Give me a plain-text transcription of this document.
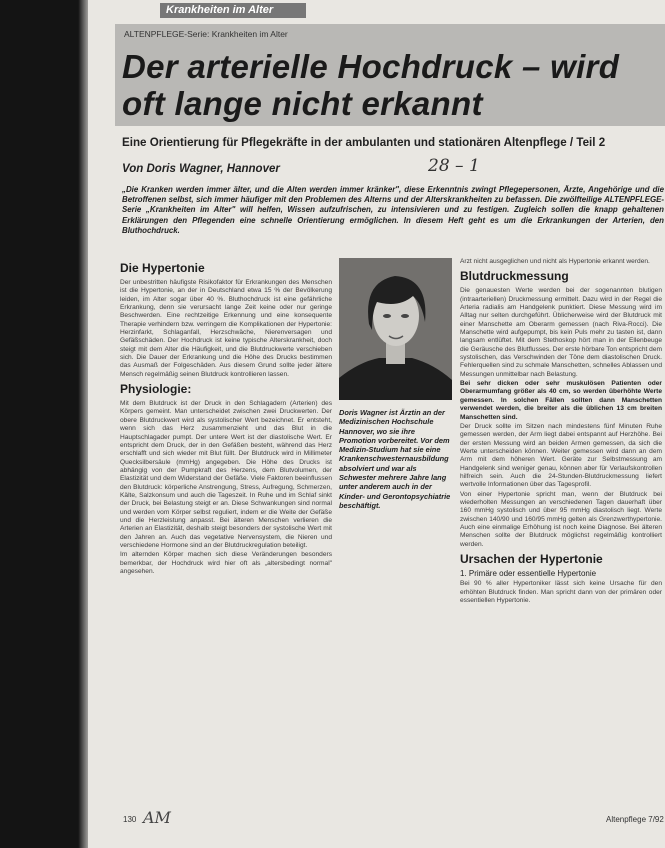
Krankheiten im Alter
ALTENPFLEGE-Serie: Krankheiten im Alter
Der arterielle Hochdruck – wird oft lange nicht erkannt
Eine Orientierung für Pflegekräfte in der ambulanten und stationären Altenpflege / Teil 2
Von Doris Wagner, Hannover	28 – 1

„Die Kranken werden immer älter, und die Alten werden immer kränker", diese Erkenntnis zwingt Pflegepersonen, Ärzte, Angehörige und die Betroffenen selbst, sich immer häufiger mit den Problemen des Alterns und der Alterskrankheiten zu befassen. Die zwölfteilige ALTENPFLEGE-Serie „Krankheiten im Alter" will helfen, Wissen aufzufrischen, zu intensivieren und zu festigen. Zugleich sollen die knapp gehaltenen Erklärungen den Pflegenden eine schnelle Orientierung ermöglichen. In diesem Heft geht es um die Erkrankungen der Arterien, den Bluthochdruck.

Die Hypertonie

Der unbestritten häufigste Risikofaktor für Erkrankungen des Menschen ist die Hypertonie, an der in Deutschland etwa 15 % der Bevölkerung leiden, im Alter sogar über 40 %. Bluthochdruck ist eine gefährliche Erkrankung, denn sie verursacht lange Zeit keine oder nur geringe Beschwerden. Eine rechtzeitige Erkennung und eine konsequente Therapie verhindern bzw. verringern die Komplikationen der Hypertonie: Herzinfarkt, Schlaganfall, Herzschwäche, Nierenversagen und Gefäßschäden. Der Hochdruck ist keine typische Alterskrankheit, doch steigt mit dem Alter die Häufigkeit, und die Blutdruckwerte verschieben sich. Die Dauer der Erkrankung und die Höhe des Drucks bestimmen das Ausmaß der Folgeschäden. Aus diesem Grund sollte jeder ältere Mensch regelmäßig seinen Blutdruck kontrollieren lassen.

Physiologie:

Mit dem Blutdruck ist der Druck in den Schlagadern (Arterien) des Körpers gemeint. Man unterscheidet zwischen zwei Druckwerten. Der obere Blutdruckwert wird als systolischer Wert bezeichnet. Er entsteht, wenn sich das Herz zusammenzieht und das Blut in die Hauptschlagader pumpt. Der untere Wert ist der diastolische Wert. Er entspricht dem Druck, der in den Gefäßen besteht, während das Herz erschlafft und sich wieder mit Blut füllt. Der Blutdruck wird in Millimeter Quecksilbersäule (mmHg) angegeben. Die Höhe des Drucks ist abhängig von der Pumpkraft des Herzens, dem Blutvolumen, der Elastizität und dem Widerstand der Gefäße. Viele Faktoren beeinflussen den Blutdruck: körperliche Anstrengung, Stress, Aufregung, Schmerzen, Kälte, Salzkonsum und auch die Tageszeit. In Ruhe und im Schlaf sinkt der Druck, bei Belastung steigt er an. Diese Schwankungen sind normal und werden vom Körper selbst reguliert, indem er die Weite der Gefäße und die Herzleistung anpasst. Bei älteren Menschen verlieren die Arterien an Elastizität, deshalb steigt besonders der systolische Wert mit den Jahren an. Auch das vegetative Nervensystem, die Nieren und verschiedene Hormone sind an der Blutdruckregulation beteiligt.

Im alternden Körper machen sich diese Veränderungen besonders bemerkbar, der Hochdruck wird hier oft als „altersbedingt normal" angesehen.

Doris Wagner ist Ärztin an der Medizinischen Hochschule Hannover, wo sie ihre Promotion vorbereitet. Vor dem Medizin-Studium hat sie eine Krankenschwesternausbildung absolviert und war als Schwester mehrere Jahre lang unter anderem auch in der Kinder- und Gerontopsychiatrie beschäftigt.

Arzt nicht ausgeglichen und nicht als Hypertonie erkannt werden.

Blutdruckmessung

Die genauesten Werte werden bei der sogenannten blutigen (intraarteriellen) Druckmessung ermittelt. Dazu wird in der Regel die Arteria radialis am Handgelenk punktiert. Diese Messung wird im Alltag nur selten durchgeführt. Üblicherweise wird der Blutdruck mit einer Manschette am Oberarm gemessen (nach Riva-Rocci). Die Manschette wird aufgepumpt, bis kein Puls mehr zu tasten ist, dann langsam entlüftet. Mit dem Stethoskop hört man in der Ellenbeuge die Geräusche des Blutflusses. Der erste hörbare Ton entspricht dem systolischen, das Verschwinden der Töne dem diastolischen Druck. Fehlerquellen sind zu schmale Manschetten, schnelles Ablassen und Messungen unmittelbar nach Belastung.

Bei sehr dicken oder sehr muskulösen Patienten oder Oberarmumfang größer als 40 cm, so werden überhöhte Werte gemessen. In solchen Fällen sollten dann Manschetten verwendet werden, die breiter als die üblichen 13 cm breiten Manschetten sind.

Der Druck sollte im Sitzen nach mindestens fünf Minuten Ruhe gemessen werden, der Arm liegt dabei entspannt auf Herzhöhe. Bei der ersten Messung wird an beiden Armen gemessen, da sich die Werte unterscheiden können. Weiter gemessen wird dann an dem Arm mit dem höheren Wert. Geräte zur Selbstmessung am Handgelenk sind weniger genau, können aber für Verlaufskontrollen hilfreich sein. Auch die 24-Stunden-Blutdruckmessung liefert wertvolle Informationen über das Tagesprofil.

Von einer Hypertonie spricht man, wenn der Blutdruck bei wiederholten Messungen an verschiedenen Tagen dauerhaft über 160 mmHg systolisch und über 95 mmHg diastolisch liegt. Werte zwischen 140/90 und 160/95 mmHg gelten als Grenzwerthypertonie. Auch eine einmalige Erhöhung ist noch keine Diagnose. Bei älteren Menschen sollte der Blutdruck möglichst regelmäßig kontrolliert werden.

Ursachen der Hypertonie
1. Primäre oder essentielle Hypertonie

Bei 90 % aller Hypertoniker lässt sich keine Ursache für den erhöhten Blutdruck finden. Man spricht dann von der primären oder essentiellen Hypertonie.

130 AM	Altenpflege 7/92
